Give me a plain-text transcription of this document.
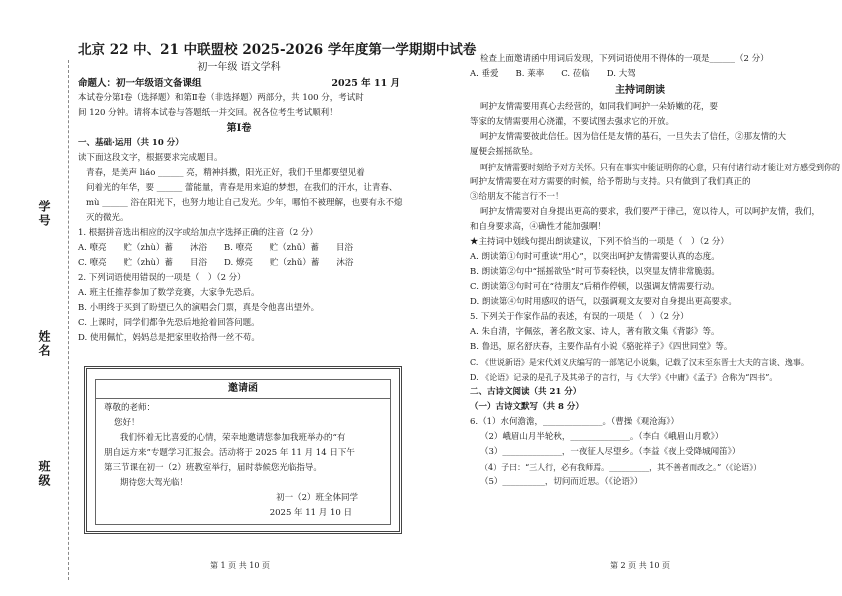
学号
姓名
班级
北京 22 中、21 中联盟校 2025-2026 学年度第一学期期中试卷
初一年级 语文学科
命题人：初一年级语文备课组	2025 年 11 月
本试卷分第Ⅰ卷（选择题）和第Ⅱ卷（非选择题）两部分，共 100 分，考试时
间 120 分钟。请将本试卷与答题纸一并交回。祝各位考生考试顺利！
第Ⅰ卷
一、基础·运用（共 10 分）
读下面这段文字，根据要求完成题目。
青春，是美声 liáo ______ 亮，精神抖擞，阳光正好，我们千里都要望见着
问着光的年华，要 ______ 蕾能量，青春是用来追的梦想，在我们的汗水，让青春、
mù ______ 浴在阳光下，也努力地让自己发光。少年，哪怕不被理解，也要有永不熄
灭的微光。
1. 根据拼音选出相应的汉字或给加点字选择正确的注音（2 分）
A. 嘹亮　　贮（zhù）蓄　　沐浴　　B. 嘹亮　　贮（zhǔ）蓄　　目浴
C. 嘹亮　　贮（zhù）蓄　　目浴　　D. 燎亮　　贮（zhǔ）蓄　　沐浴
2. 下列词语使用错误的一项是（　）（2 分）
A. 班主任推荐参加了数学竞赛，大家争先恐后。
B. 小明终于买到了盼望已久的演唱会门票，真是令他喜出望外。
C. 上课时，同学们都争先恐后地抢着回答问题。
D. 使用佩忙，妈妈总是把家里收拾得一丝不苟。
邀请函
尊敬的老师：
您好！
我们怀着无比喜爱的心情，荣幸地邀请您参加我班举办的“有
朋自远方来”专题学习汇报会。活动将于 2025 年 11 月 14 日下午
第三节课在初一（2）班教室举行，届时恭候您光临指导。
期待您大驾光临！
初一（2）班全体同学
2025 年 11 月 10 日
第 1 页 共 10 页
检查上面邀请函中用词后发现，下列词语使用不得体的一项是______（2 分）
A. 垂爱　　B. 莱率　　C. 莅临　　D. 大驾
主持词朗读
呵护友情需要用真心去经营的，如同我们呵护一朵娇嫩的花，要
等家的友情需要用心浇灌，不要试图去强求它的开放。
呵护友情需要彼此信任。因为信任是友情的基石，一旦失去了信任，②那友情的大
厦便会摇摇欲坠。
呵护友情需要时刻给予对方关怀。只有在事实中能证明你的心意，只有付诸行动才能让对方感受到你的
呵护友情需要在对方需要的时候，给予帮助与支持。只有做到了我们真正的
③给朋友不能言行不一！
呵护友情需要对自身提出更高的要求，我们要严于律己，宽以待人，可以呵护友情，我们，
和自身要求高，④确性才能加强啊！
★主持词中划线句提出朗读建议，下列不恰当的一项是（　）（2 分）
A. 朗读第①句时可重读“用心”，以突出呵护友情需要认真的态度。
B. 朗读第②句中“摇摇欲坠”时可节奏轻快，以突显友情非常脆弱。
C. 朗读第③句时可在“待朋友”后稍作停顿，以强调友情需要行动。
D. 朗读第④句时用感叹的语气，以强调观文友要对自身提出更高要求。
5. 下列关于作家作品的表述，有误的一项是（　）（2 分）
A. 朱自清，字佩弦，著名散文家、诗人，著有散文集《背影》等。
B. 鲁迅，原名舒庆春，主要作品有小说《骆驼祥子》《四世同堂》等。
C. 《世说新语》是宋代刘义庆编写的一部笔记小说集，记载了汉末至东晋士大夫的言谈、逸事。
D. 《论语》记录的是孔子及其弟子的言行，与《大学》《中庸》《孟子》合称为“四书”。
二、古诗文阅读（共 21 分）
（一）古诗文默写（共 8 分）
6.（1）水何澹澹，______________。（曹操《观沧海》）
（2）峨眉山月半轮秋，______________。（李白《峨眉山月歌》）
（3）______________，一夜征人尽望乡。（李益《夜上受降城闻笛》）
（4）子曰：“三人行，必有我师焉。__________，其不善者而改之。”（《论语》）
（5）__________，切问而近思。（《论语》）
第 2 页 共 10 页
